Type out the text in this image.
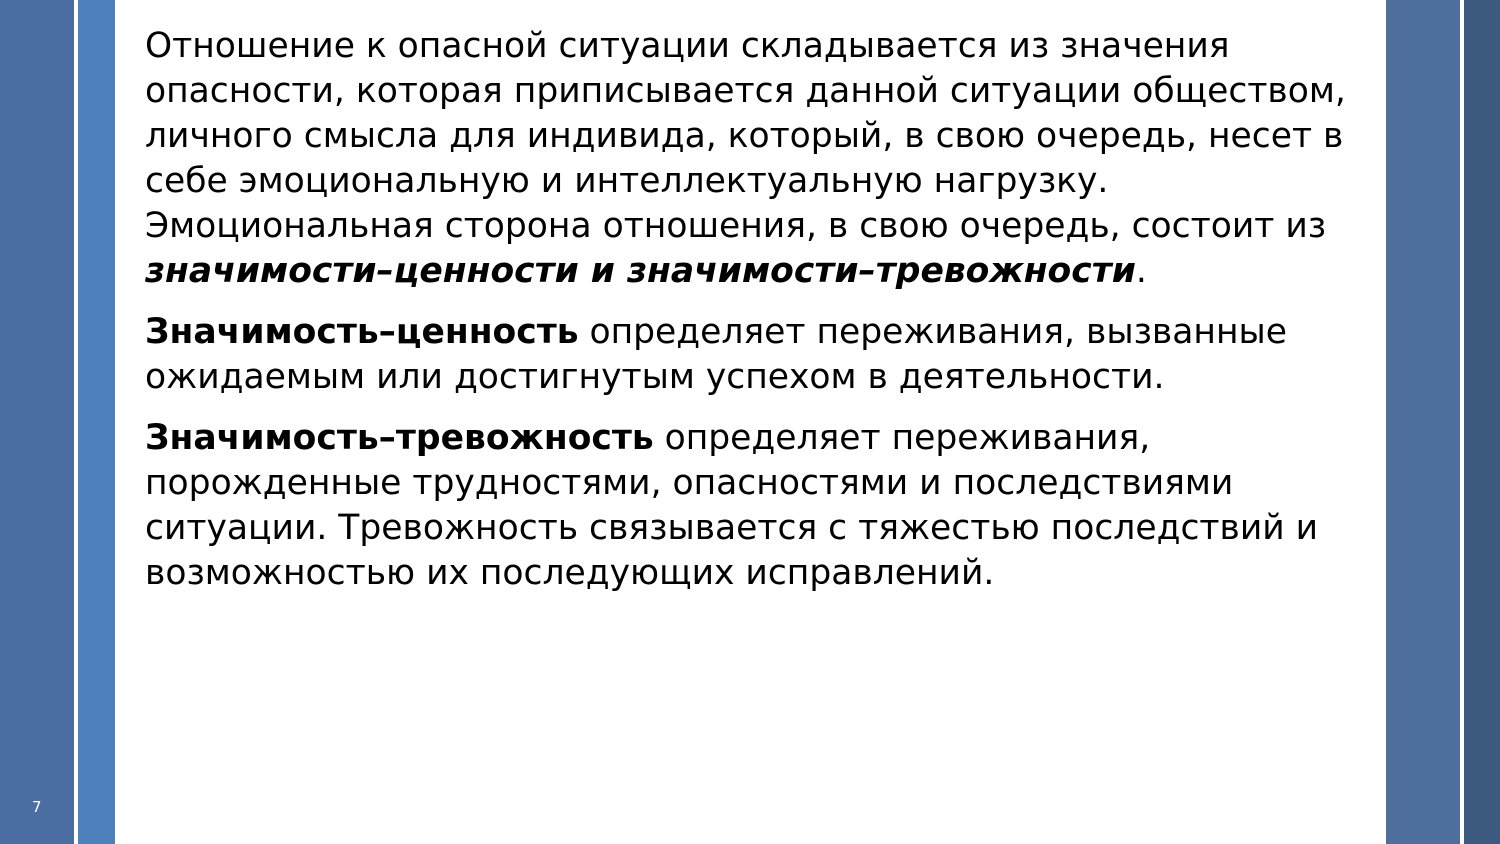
7

Отношение к опасной ситуации складывается из значения опасности, которая приписывается данной ситуации обществом, личного смысла для индивида, который, в свою очередь, несет в себе эмоциональную и интеллектуальную нагрузку. Эмоциональная сторона отношения, в свою очередь, состоит из значимости–ценности и значимости–тревожности.

Значимость–ценность определяет переживания, вызванные ожидаемым или достигнутым успехом в деятельности.

Значимость–тревожность определяет переживания, порожденные трудностями, опасностями и последствиями ситуации. Тревожность связывается с тяжестью последствий и возможностью их последующих исправлений.
